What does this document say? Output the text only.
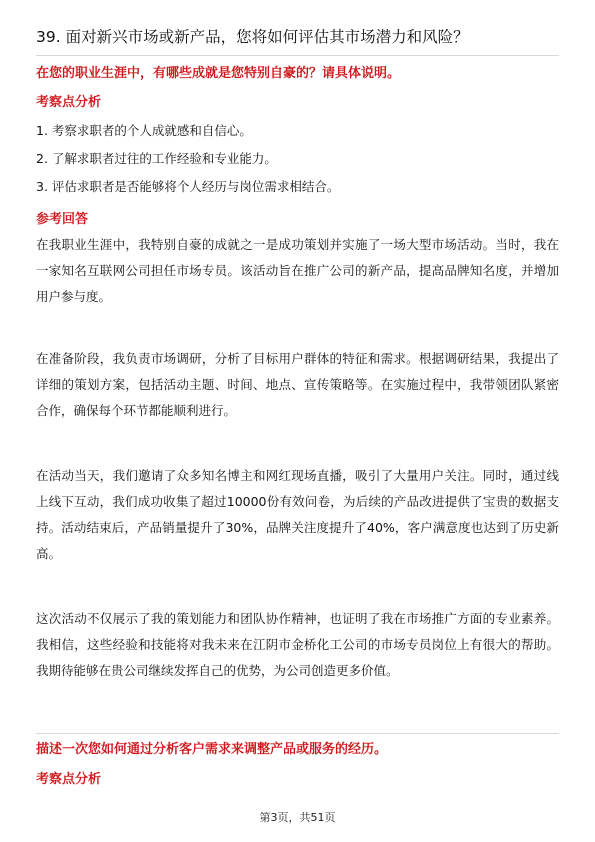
39. 面对新兴市场或新产品，您将如何评估其市场潜力和风险？
在您的职业生涯中，有哪些成就是您特别自豪的？请具体说明。
考察点分析
1. 考察求职者的个人成就感和自信心。
2. 了解求职者过往的工作经验和专业能力。
3. 评估求职者是否能够将个人经历与岗位需求相结合。
参考回答
在我职业生涯中，我特别自豪的成就之一是成功策划并实施了一场大型市场活动。当时，我在一家知名互联网公司担任市场专员。该活动旨在推广公司的新产品，提高品牌知名度，并增加用户参与度。
在准备阶段，我负责市场调研，分析了目标用户群体的特征和需求。根据调研结果，我提出了详细的策划方案，包括活动主题、时间、地点、宣传策略等。在实施过程中，我带领团队紧密合作，确保每个环节都能顺利进行。
在活动当天，我们邀请了众多知名博主和网红现场直播，吸引了大量用户关注。同时，通过线上线下互动，我们成功收集了超过10000份有效问卷，为后续的产品改进提供了宝贵的数据支持。活动结束后，产品销量提升了30%，品牌关注度提升了40%，客户满意度也达到了历史新高。
这次活动不仅展示了我的策划能力和团队协作精神，也证明了我在市场推广方面的专业素养。我相信，这些经验和技能将对我未来在江阴市金桥化工公司的市场专员岗位上有很大的帮助。我期待能够在贵公司继续发挥自己的优势，为公司创造更多价值。
描述一次您如何通过分析客户需求来调整产品或服务的经历。
考察点分析
第3页，共51页
